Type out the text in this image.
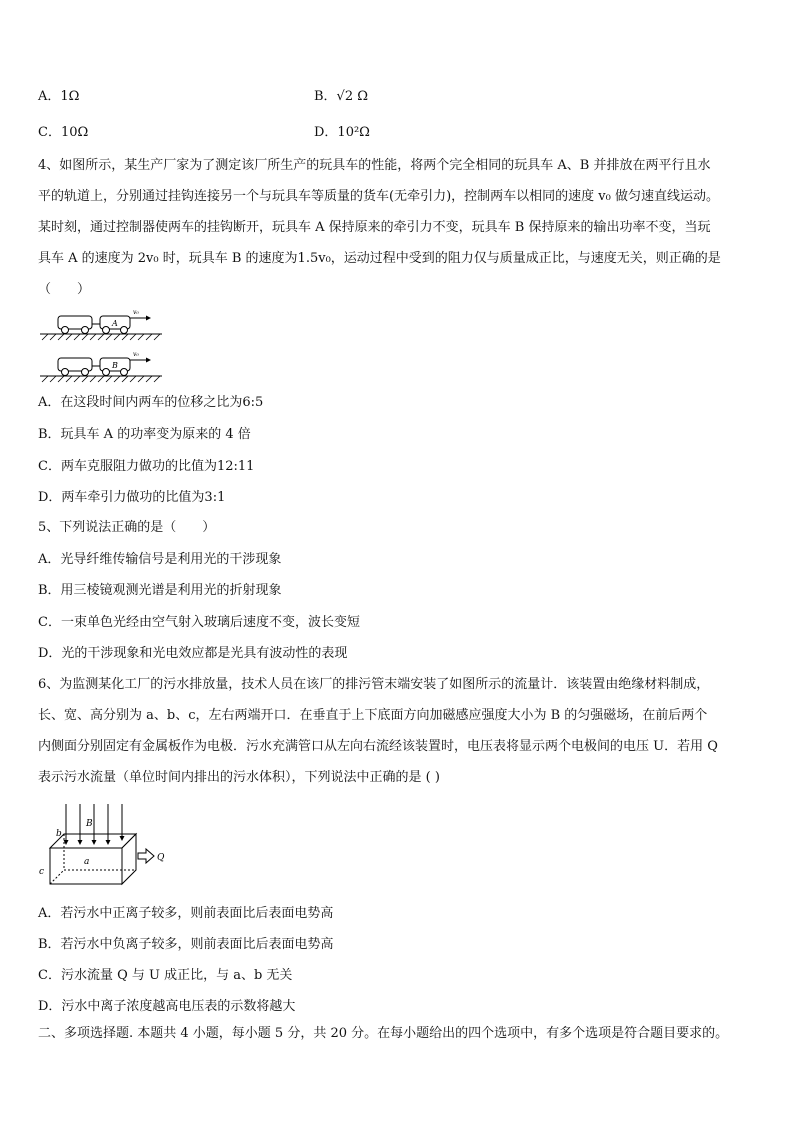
A．1Ω	B．√2 Ω
C．10Ω	D．10²Ω
4、如图所示，某生产厂家为了测定该厂所生产的玩具车的性能，将两个完全相同的玩具车 A、B 并排放在两平行且水
平的轨道上，分别通过挂钩连接另一个与玩具车等质量的货车(无牵引力)，控制两车以相同的速度 v₀ 做匀速直线运动。
某时刻，通过控制器使两车的挂钩断开，玩具车 A 保持原来的牵引力不变，玩具车 B 保持原来的输出功率不变，当玩
具车 A 的速度为 2v₀ 时，玩具车 B 的速度为1.5v₀，运动过程中受到的阻力仅与质量成正比，与速度无关，则正确的是
（　　）
A
v₀
B
v₀
A．在这段时间内两车的位移之比为6:5
B．玩具车 A 的功率变为原来的 4 倍
C．两车克服阻力做功的比值为12:11
D．两车牵引力做功的比值为3:1
5、下列说法正确的是（　　）
A．光导纤维传输信号是利用光的干涉现象
B．用三棱镜观测光谱是利用光的折射现象
C．一束单色光经由空气射入玻璃后速度不变，波长变短
D．光的干涉现象和光电效应都是光具有波动性的表现
6、为监测某化工厂的污水排放量，技术人员在该厂的排污管末端安装了如图所示的流量计．该装置由绝缘材料制成，
长、宽、高分别为 a、b、c，左右两端开口．在垂直于上下底面方向加磁感应强度大小为 B 的匀强磁场，在前后两个
内侧面分别固定有金属板作为电极．污水充满管口从左向右流经该装置时，电压表将显示两个电极间的电压 U．若用 Q
表示污水流量（单位时间内排出的污水体积），下列说法中正确的是 ( )
b
B
a
c
Q
A．若污水中正离子较多，则前表面比后表面电势高
B．若污水中负离子较多，则前表面比后表面电势高
C．污水流量 Q 与 U 成正比，与 a、b 无关
D．污水中离子浓度越高电压表的示数将越大
二、多项选择题. 本题共 4 小题，每小题 5 分，共 20 分。在每小题给出的四个选项中，有多个选项是符合题目要求的。
